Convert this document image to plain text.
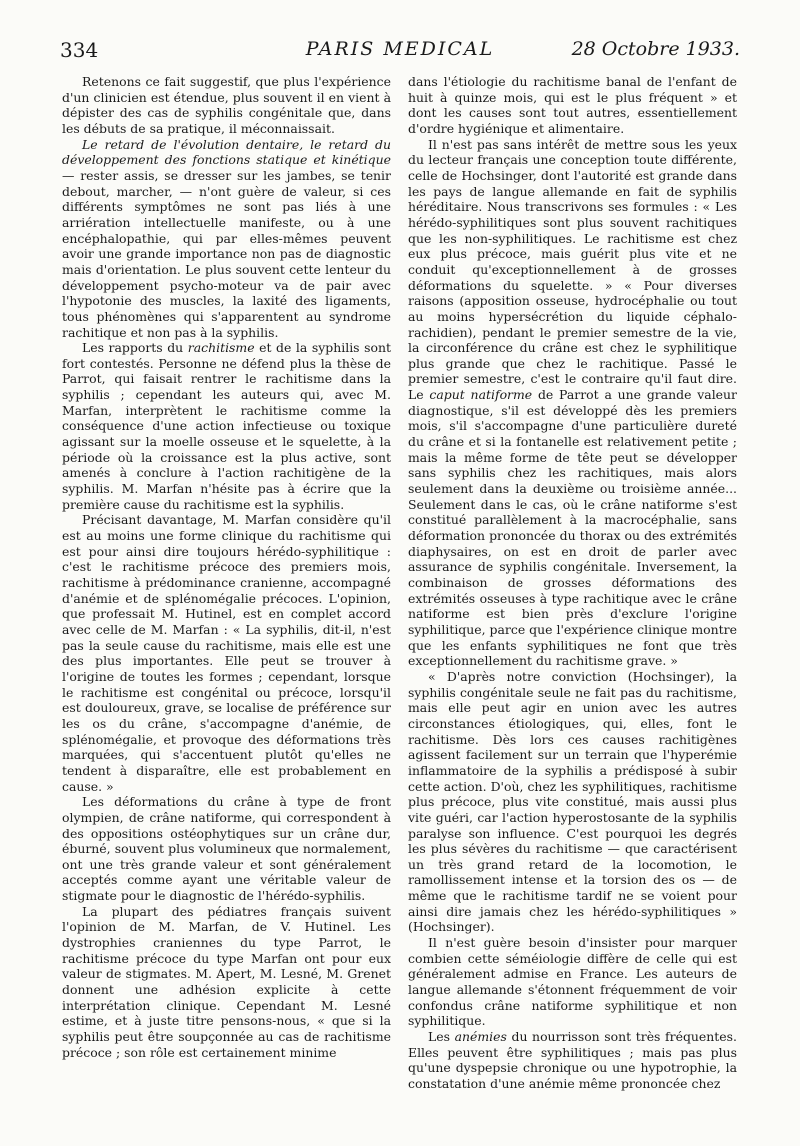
334	PARIS MEDICAL	28 Octobre 1933.

Retenons ce fait suggestif, que plus l'expérience d'un clinicien est étendue, plus souvent il en vient à dépister des cas de syphilis congénitale que, dans les débuts de sa pratique, il méconnaissait.

Le retard de l'évolution dentaire, le retard du développement des fonctions statique et kinétique — rester assis, se dresser sur les jambes, se tenir debout, marcher, — n'ont guère de valeur, si ces différents symptômes ne sont pas liés à une arriération intellectuelle manifeste, ou à une encéphalopathie, qui par elles-mêmes peuvent avoir une grande importance non pas de diagnostic mais d'orientation. Le plus souvent cette lenteur du développement psycho-moteur va de pair avec l'hypotonie des muscles, la laxité des ligaments, tous phénomènes qui s'apparentent au syndrome rachitique et non pas à la syphilis.

Les rapports du rachitisme et de la syphilis sont fort contestés. Personne ne défend plus la thèse de Parrot, qui faisait rentrer le rachitisme dans la syphilis ; cependant les auteurs qui, avec M. Marfan, interprètent le rachitisme comme la conséquence d'une action infectieuse ou toxique agissant sur la moelle osseuse et le squelette, à la période où la croissance est la plus active, sont amenés à conclure à l'action rachitigène de la syphilis. M. Marfan n'hésite pas à écrire que la première cause du rachitisme est la syphilis.

Précisant davantage, M. Marfan considère qu'il est au moins une forme clinique du rachitisme qui est pour ainsi dire toujours hérédo-syphilitique : c'est le rachitisme précoce des premiers mois, rachitisme à prédominance cranienne, accompagné d'anémie et de splénomégalie précoces. L'opinion, que professait M. Hutinel, est en complet accord avec celle de M. Marfan : « La syphilis, dit-il, n'est pas la seule cause du rachitisme, mais elle est une des plus importantes. Elle peut se trouver à l'origine de toutes les formes ; cependant, lorsque le rachitisme est congénital ou précoce, lorsqu'il est douloureux, grave, se localise de préférence sur les os du crâne, s'accompagne d'anémie, de splénomégalie, et provoque des déformations très marquées, qui s'accentuent plutôt qu'elles ne tendent à disparaître, elle est probablement en cause. »

Les déformations du crâne à type de front olympien, de crâne natiforme, qui correspondent à des oppositions ostéophytiques sur un crâne dur, éburné, souvent plus volumineux que normalement, ont une très grande valeur et sont généralement acceptés comme ayant une véritable valeur de stigmate pour le diagnostic de l'hérédo-syphilis.

La plupart des pédiatres français suivent l'opinion de M. Marfan, de V. Hutinel. Les dystrophies craniennes du type Parrot, le rachitisme précoce du type Marfan ont pour eux valeur de stigmates. M. Apert, M. Lesné, M. Grenet donnent une adhésion explicite à cette interprétation clinique. Cependant M. Lesné estime, et à juste titre pensons-nous, « que si la syphilis peut être soupçonnée au cas de rachitisme précoce ; son rôle est certainement minime

dans l'étiologie du rachitisme banal de l'enfant de huit à quinze mois, qui est le plus fréquent » et dont les causes sont tout autres, essentiellement d'ordre hygiénique et alimentaire.

Il n'est pas sans intérêt de mettre sous les yeux du lecteur français une conception toute différente, celle de Hochsinger, dont l'autorité est grande dans les pays de langue allemande en fait de syphilis héréditaire. Nous transcrivons ses formules : « Les hérédo-syphilitiques sont plus souvent rachitiques que les non-syphilitiques. Le rachitisme est chez eux plus précoce, mais guérit plus vite et ne conduit qu'exceptionnellement à de grosses déformations du squelette. » « Pour diverses raisons (apposition osseuse, hydrocéphalie ou tout au moins hypersécrétion du liquide céphalo-rachidien), pendant le premier semestre de la vie, la circonférence du crâne est chez le syphilitique plus grande que chez le rachitique. Passé le premier semestre, c'est le contraire qu'il faut dire. Le caput natiforme de Parrot a une grande valeur diagnostique, s'il est développé dès les premiers mois, s'il s'accompagne d'une particulière dureté du crâne et si la fontanelle est relativement petite ; mais la même forme de tête peut se développer sans syphilis chez les rachitiques, mais alors seulement dans la deuxième ou troisième année... Seulement dans le cas, où le crâne natiforme s'est constitué parallèlement à la macrocéphalie, sans déformation prononcée du thorax ou des extrémités diaphysaires, on est en droit de parler avec assurance de syphilis congénitale. Inversement, la combinaison de grosses déformations des extrémités osseuses à type rachitique avec le crâne natiforme est bien près d'exclure l'origine syphilitique, parce que l'expérience clinique montre que les enfants syphilitiques ne font que très exceptionnellement du rachitisme grave. »

« D'après notre conviction (Hochsinger), la syphilis congénitale seule ne fait pas du rachitisme, mais elle peut agir en union avec les autres circonstances étiologiques, qui, elles, font le rachitisme. Dès lors ces causes rachitigènes agissent facilement sur un terrain que l'hyperémie inflammatoire de la syphilis a prédisposé à subir cette action. D'où, chez les syphilitiques, rachitisme plus précoce, plus vite constitué, mais aussi plus vite guéri, car l'action hyperostosante de la syphilis paralyse son influence. C'est pourquoi les degrés les plus sévères du rachitisme — que caractérisent un très grand retard de la locomotion, le ramollissement intense et la torsion des os — de même que le rachitisme tardif ne se voient pour ainsi dire jamais chez les hérédo-syphilitiques » (Hochsinger).

Il n'est guère besoin d'insister pour marquer combien cette séméiologie diffère de celle qui est généralement admise en France. Les auteurs de langue allemande s'étonnent fréquemment de voir confondus crâne natiforme syphilitique et non syphilitique.

Les anémies du nourrisson sont très fréquentes. Elles peuvent être syphilitiques ; mais pas plus qu'une dyspepsie chronique ou une hypotrophie, la constatation d'une anémie même prononcée chez
